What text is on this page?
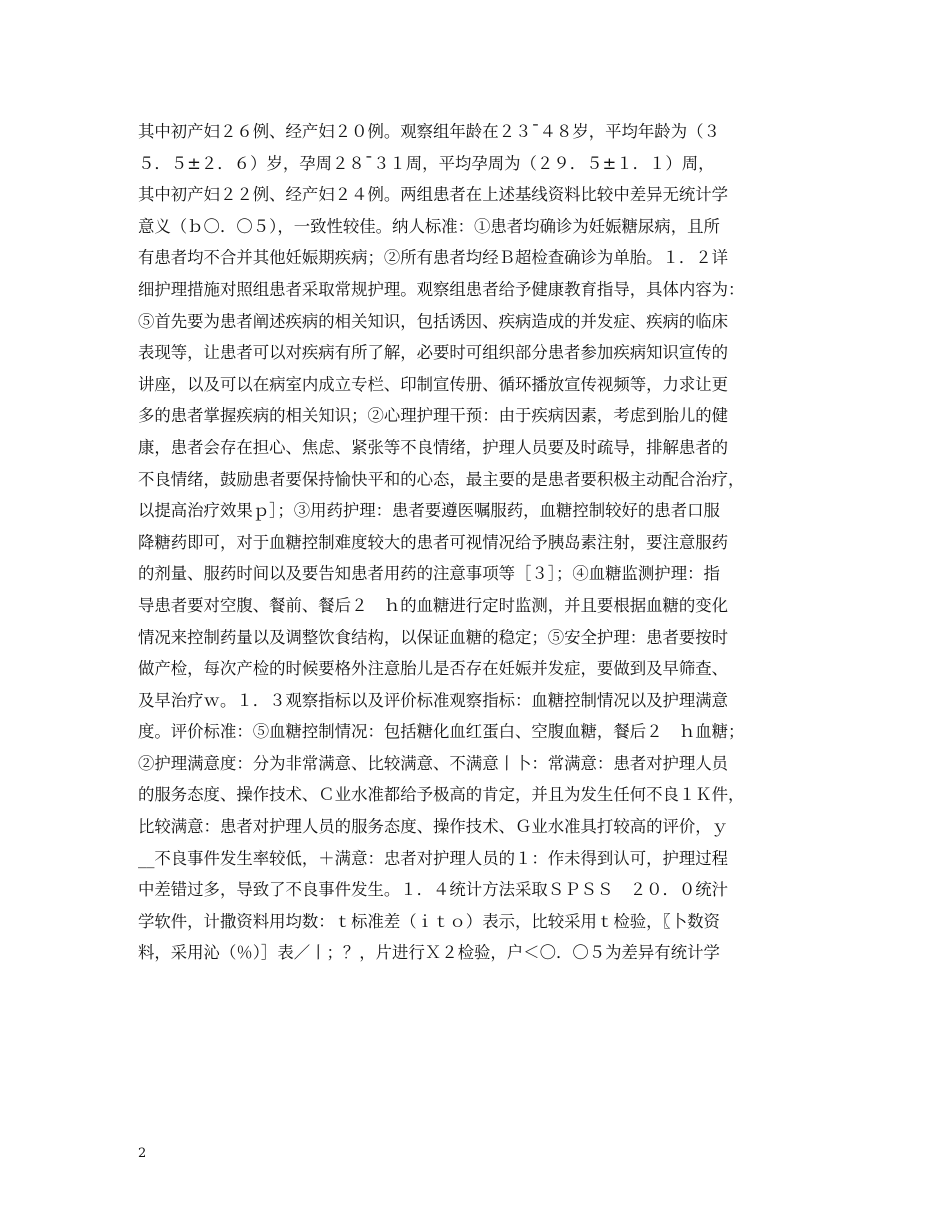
其中初产妇２６例、经产妇２０例。观察组年龄在２３¯４８岁，平均年龄为（３
５．５±２．６）岁，孕周２８¯３１周，平均孕周为（２９．５±１．１）周，
其中初产妇２２例、经产妇２４例。两组患者在上述基线资料比较中差异无统计学
意义（ｂ〇．〇５），一致性较佳。纳人标准：①患者均确诊为妊娠糖尿病，且所
有患者均不合并其他妊娠期疾病；②所有患者均经Ｂ超检查确诊为单胎。１．２详
细护理措施对照组患者采取常规护理。观察组患者给予健康教育指导，具体内容为：
⑤首先要为患者阐述疾病的相关知识，包括诱因、疾病造成的并发症、疾病的临床
表现等，让患者可以对疾病有所了解，必要时可组织部分患者参加疾病知识宣传的
讲座，以及可以在病室内成立专栏、印制宣传册、循环播放宣传视频等，力求让更
多的患者掌握疾病的相关知识；②心理护理干预：由于疾病因素，考虑到胎儿的健
康，患者会存在担心、焦虑、紧张等不良情绪，护理人员要及时疏导，排解患者的
不良情绪，鼓励患者要保持愉快平和的心态，最主要的是患者要积极主动配合治疗，
以提高治疗效果ｐ］；③用药护理：患者要遵医嘱服药，血糖控制较好的患者口服
降糖药即可，对于血糖控制难度较大的患者可视情况给予胰岛素注射，要注意服药
的剂量、服药时间以及要告知患者用药的注意事项等［３］；④血糖监测护理：指
导患者要对空腹、餐前、餐后２　ｈ的血糖进行定时监测，并且要根据血糖的变化
情况来控制药量以及调整饮食结构，以保证血糖的稳定；⑤安全护理：患者要按时
做产检，每次产检的时候要格外注意胎儿是否存在妊娠并发症，要做到及早筛查、
及早治疗ｗ。１．３观察指标以及评价标准观察指标：血糖控制情况以及护理满意
度。评价标准：⑤血糖控制情况：包括糖化血红蛋白、空腹血糖，餐后２　ｈ血糖；
②护理满意度：分为非常满意、比较满意、不满意丨卜：常满意：患者对护理人员
的服务态度、操作技术、Ｃ业水准都给予极高的肯定，并且为发生任何不良１Ｋ件，
比较满意：患者对护理人员的服务态度、操作技术、Ｇ业水准具打较高的评价，ｙ
__不良事件发生率较低，＋满意：忠者对护理人员的１：作未得到认可，护理过程
中差错过多，导致了不良事件发生。１．４统计方法采取ＳＰＳＳ　２０．０统汁
学软件，计撒资料用均数：ｔ标准差（ｉｔｏ）表示，比较采用ｔ检验，〖卜数资
料，采用沁（％）］表／丨；？，片进行Ｘ２检验，户＜〇．〇５为差异有统计学
2
